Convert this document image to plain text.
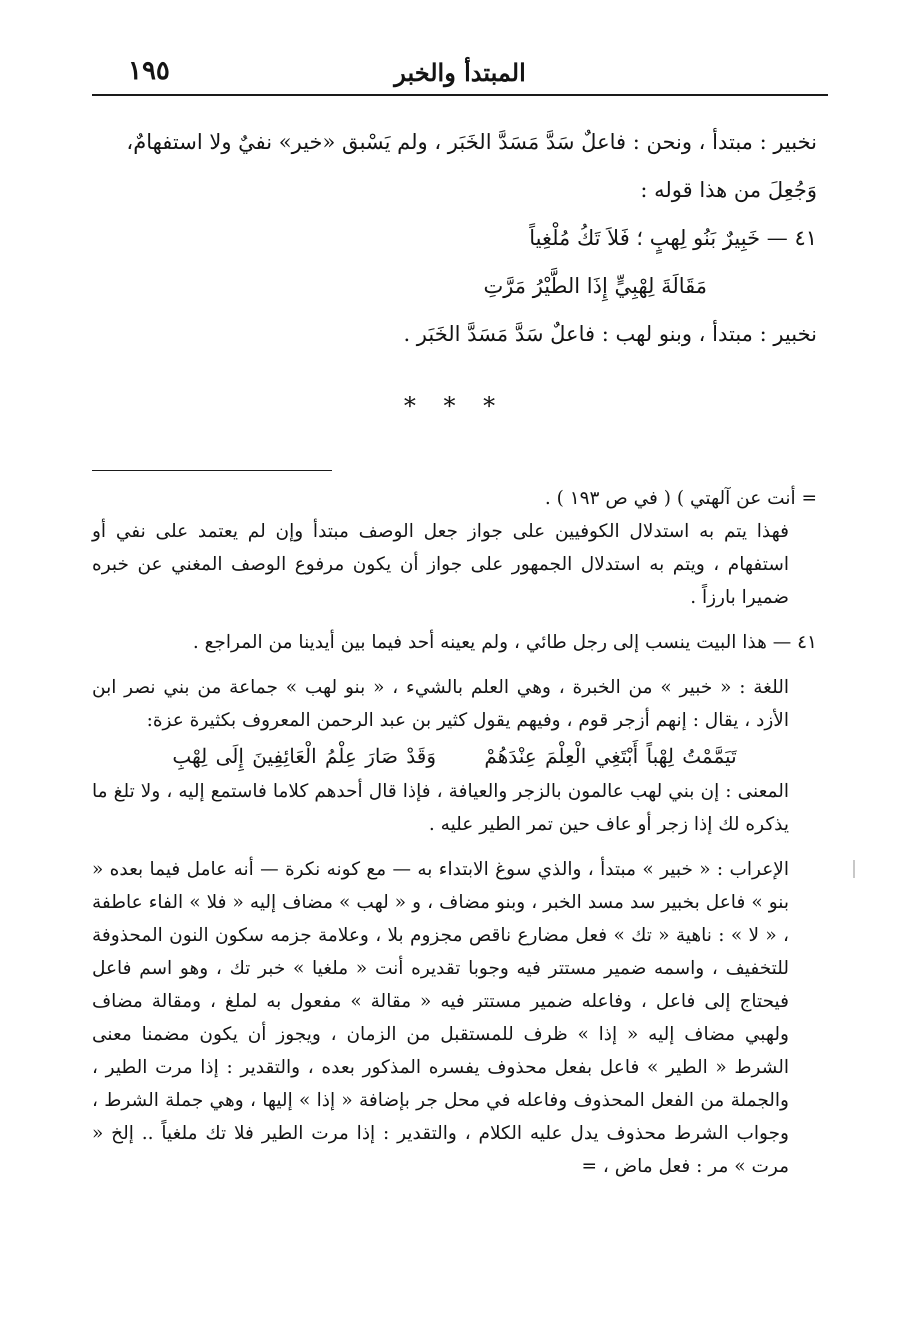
١٩٥	المبتدأ والخبر

نخبير : مبتدأ ، ونحن : فاعلٌ سَدَّ مَسَدَّ الخَبَر ، ولم يَسْبق «خير» نفيٌ ولا استفهامٌ،

وَجُعِلَ من هذا قوله :

٤١ — خَبِيرٌ بَنُو لِهبٍ ؛ فَلاَ تَكُ مُلْغِياً

مَقَالَةَ لِهْبِيٍّ إِذَا الطَّيْرُ مَرَّتِ

نخبير : مبتدأ ، وبنو لهب : فاعلٌ سَدَّ مَسَدَّ الخَبَر .

* * *

= أنت عن آلهتي ) ( في ص ١٩٣ ) .

فهذا يتم به استدلال الكوفيين على جواز جعل الوصف مبتدأ وإن لم يعتمد على نفي أو استفهام ، ويتم به استدلال الجمهور على جواز أن يكون مرفوع الوصف المغني عن خبره ضميرا بارزاً .

٤١ — هذا البيت ينسب إلى رجل طائي ، ولم يعينه أحد فيما بين أيدينا من المراجع .

اللغة : « خبير » من الخبرة ، وهي العلم بالشيء ، « بنو لهب » جماعة من بني نصر ابن الأزد ، يقال : إنهم أزجر قوم ، وفيهم يقول كثير بن عبد الرحمن المعروف بكثيرة عزة:

تَيَمَّمْتُ لِهْباً أَبْتَغِي الْعِلْمَ عِنْدَهُمْ وَقَدْ صَارَ عِلْمُ الْعَائِفِينَ إِلَى لِهْبِ

المعنى : إن بني لهب عالمون بالزجر والعيافة ، فإذا قال أحدهم كلاما فاستمع إليه ، ولا تلغ ما يذكره لك إذا زجر أو عاف حين تمر الطير عليه .

الإعراب : « خبير » مبتدأ ، والذي سوغ الابتداء به — مع كونه نكرة — أنه عامل فيما بعده « بنو » فاعل بخبير سد مسد الخبر ، وبنو مضاف ، و « لهب » مضاف إليه « فلا » الفاء عاطفة ، « لا » : ناهية « تك » فعل مضارع ناقص مجزوم بلا ، وعلامة جزمه سكون النون المحذوفة للتخفيف ، واسمه ضمير مستتر فيه وجوبا تقديره أنت « ملغيا » خبر تك ، وهو اسم فاعل فيحتاج إلى فاعل ، وفاعله ضمير مستتر فيه « مقالة » مفعول به لملغ ، ومقالة مضاف ولهبي مضاف إليه « إذا » ظرف للمستقبل من الزمان ، ويجوز أن يكون مضمنا معنى الشرط « الطير » فاعل بفعل محذوف يفسره المذكور بعده ، والتقدير : إذا مرت الطير ، والجملة من الفعل المحذوف وفاعله في محل جر بإضافة « إذا » إليها ، وهي جملة الشرط ، وجواب الشرط محذوف يدل عليه الكلام ، والتقدير : إذا مرت الطير فلا تك ملغياً .. إلخ « مرت » مر : فعل ماض ، =
